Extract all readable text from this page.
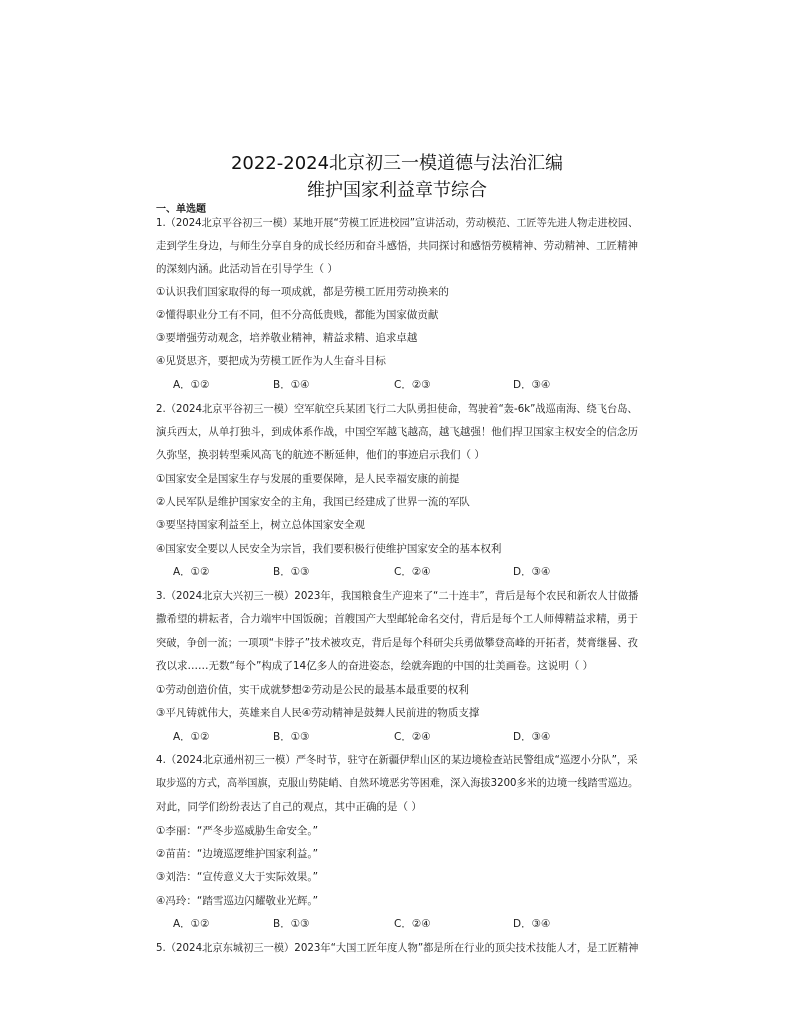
2022-2024北京初三一模道德与法治汇编
维护国家利益章节综合
一、单选题
1.（2024北京平谷初三一模）某地开展“劳模工匠进校园”宣讲活动，劳动模范、工匠等先进人物走进校园、
走到学生身边，与师生分享自身的成长经历和奋斗感悟，共同探讨和感悟劳模精神、劳动精神、工匠精神
的深刻内涵。此活动旨在引导学生（ ）
①认识我们国家取得的每一项成就，都是劳模工匠用劳动换来的
②懂得职业分工有不同，但不分高低贵贱，都能为国家做贡献
③要增强劳动观念，培养敬业精神，精益求精、追求卓越
④见贤思齐，要把成为劳模工匠作为人生奋斗目标
A．①②	B．①④	C．②③	D．③④
2.（2024北京平谷初三一模）空军航空兵某团飞行二大队勇担使命，驾驶着“轰-6k”战巡南海、绕飞台岛、
演兵西太，从单打独斗，到成体系作战，中国空军越飞越高，越飞越强！他们捍卫国家主权安全的信念历
久弥坚，换羽转型乘风高飞的航迹不断延伸，他们的事迹启示我们（ ）
①国家安全是国家生存与发展的重要保障，是人民幸福安康的前提
②人民军队是维护国家安全的主角，我国已经建成了世界一流的军队
③要坚持国家利益至上，树立总体国家安全观
④国家安全要以人民安全为宗旨，我们要积极行使维护国家安全的基本权利
A．①②	B．①③	C．②④	D．③④
3.（2024北京大兴初三一模）2023年，我国粮食生产迎来了“二十连丰”，背后是每个农民和新农人甘做播
撒希望的耕耘者，合力端牢中国饭碗；首艘国产大型邮轮命名交付，背后是每个工人师傅精益求精，勇于
突破，争创一流；一项项“卡脖子”技术被攻克，背后是每个科研尖兵勇做攀登高峰的开拓者，焚膏继晷、孜
孜以求……无数“每个”构成了14亿多人的奋进姿态，绘就奔跑的中国的壮美画卷。这说明（ ）
①劳动创造价值，实干成就梦想②劳动是公民的最基本最重要的权利
③平凡铸就伟大，英雄来自人民④劳动精神是鼓舞人民前进的物质支撑
A．①②	B．①③	C．②④	D．③④
4.（2024北京通州初三一模）严冬时节，驻守在新疆伊犁山区的某边境检查站民警组成“巡逻小分队”，采
取步巡的方式，高举国旗，克服山势陡峭、自然环境恶劣等困难，深入海拔3200多米的边境一线踏雪巡边。
对此，同学们纷纷表达了自己的观点，其中正确的是（ ）
①李丽：“严冬步巡威胁生命安全。”
②苗苗：“边境巡逻维护国家利益。”
③刘浩：“宣传意义大于实际效果。”
④冯玲：“踏雪巡边闪耀敬业光辉。”
A．①②	B．①③	C．②④	D．③④
5.（2024北京东城初三一模）2023年“大国工匠年度人物”都是所在行业的顶尖技术技能人才，是工匠精神
